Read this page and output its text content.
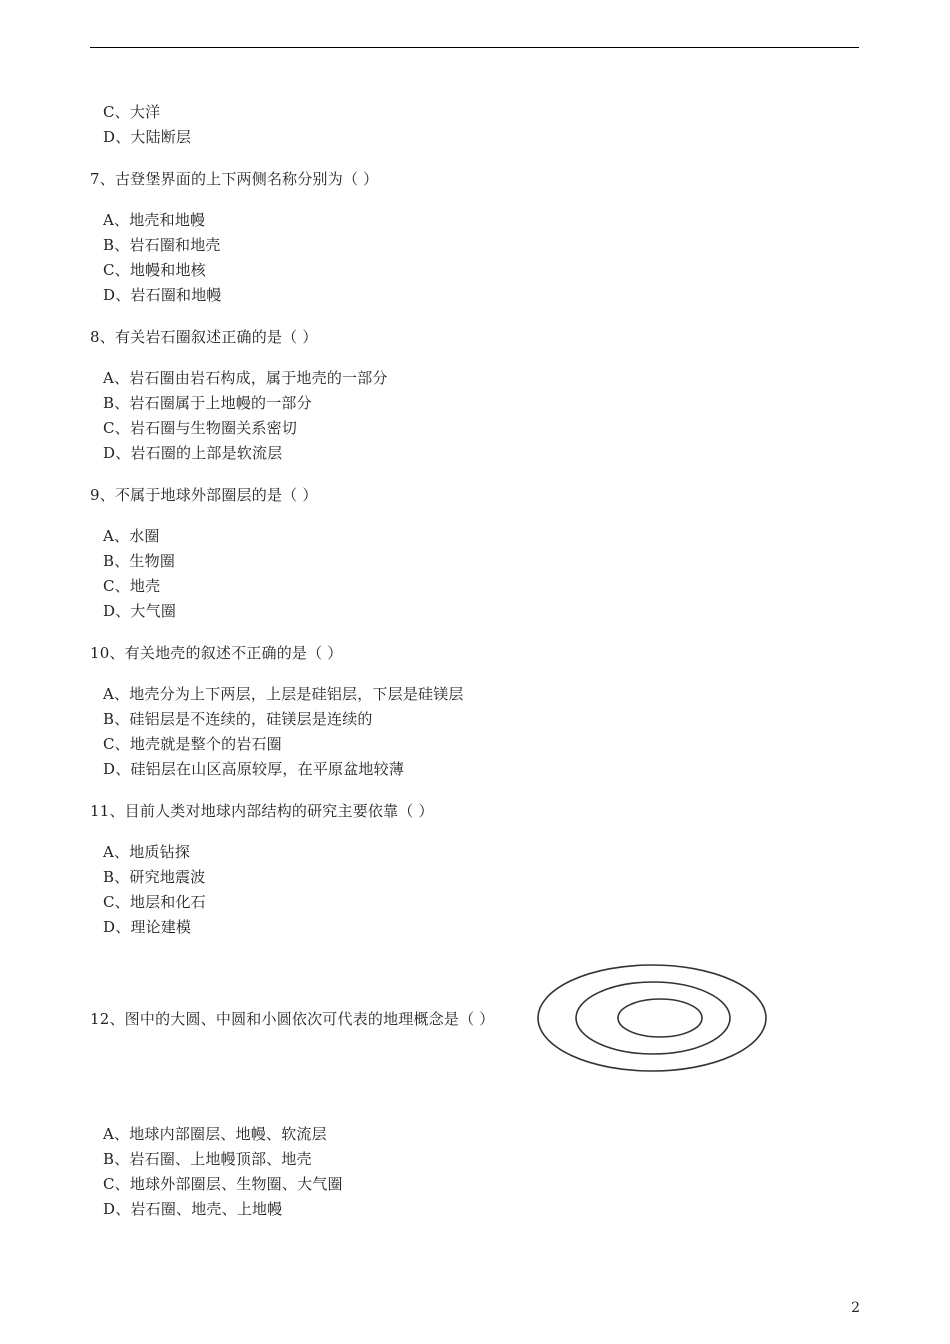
C、大洋
D、大陆断层
7、古登堡界面的上下两侧名称分别为（ ）
A、地壳和地幔
B、岩石圈和地壳
C、地幔和地核
D、岩石圈和地幔
8、有关岩石圈叙述正确的是（ ）
A、岩石圈由岩石构成，属于地壳的一部分
B、岩石圈属于上地幔的一部分
C、岩石圈与生物圈关系密切
D、岩石圈的上部是软流层
9、不属于地球外部圈层的是（ ）
A、水圈
B、生物圈
C、地壳
D、大气圈
10、有关地壳的叙述不正确的是（ ）
A、地壳分为上下两层，上层是硅铝层，下层是硅镁层
B、硅铝层是不连续的，硅镁层是连续的
C、地壳就是整个的岩石圈
D、硅铝层在山区高原较厚，在平原盆地较薄
11、目前人类对地球内部结构的研究主要依靠（ ）
A、地质钻探
B、研究地震波
C、地层和化石
D、理论建模
12、图中的大圆、中圆和小圆依次可代表的地理概念是（ ）
A、地球内部圈层、地幔、软流层
B、岩石圈、上地幔顶部、地壳
C、地球外部圈层、生物圈、大气圈
D、岩石圈、地壳、上地幔
2
